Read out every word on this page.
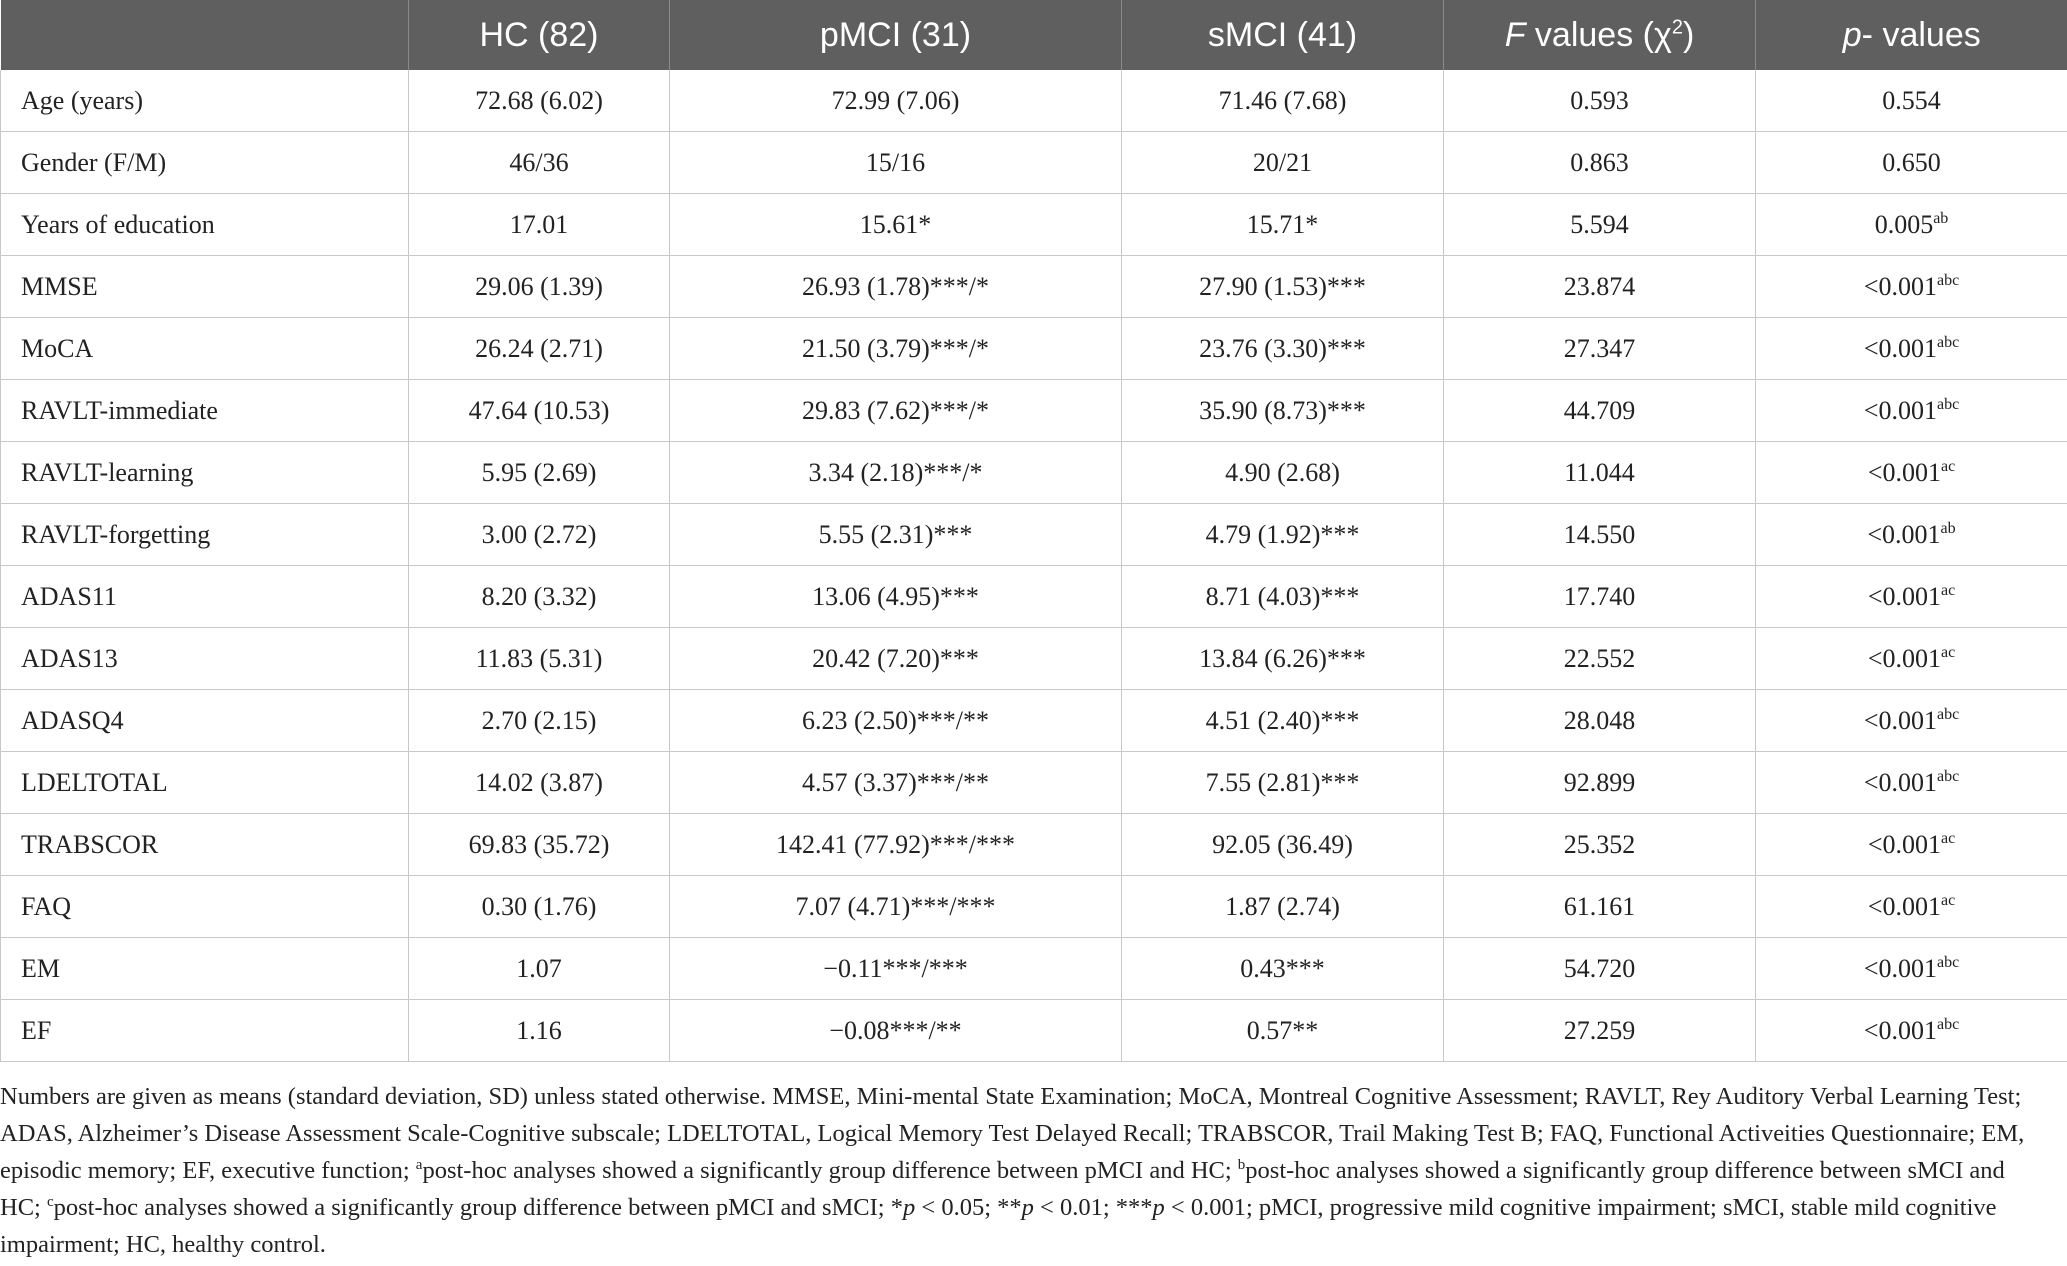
	HC (82)	pMCI (31)	sMCI (41)	F values $(\chi^2)$	p- values
Age (years)	72.68 (6.02)	72.99 (7.06)	71.46 (7.68)	0.593	0.554
Gender (F/M)	46/36	15/16	20/21	0.863	0.650
Years of education	17.01	15.61*	15.71*	5.594	0.005$^{ab}$
MMSE	29.06 (1.39)	26.93 (1.78)***/*	27.90 (1.53)***	23.874	<0.001$^{abc}$
MoCA	26.24 (2.71)	21.50 (3.79)***/*	23.76 (3.30)***	27.347	<0.001$^{abc}$
RAVLT-immediate	47.64 (10.53)	29.83 (7.62)***/*	35.90 (8.73)***	44.709	<0.001$^{abc}$
RAVLT-learning	5.95 (2.69)	3.34 (2.18)***/*	4.90 (2.68)	11.044	<0.001$^{ac}$
RAVLT-forgetting	3.00 (2.72)	5.55 (2.31)***	4.79 (1.92)***	14.550	<0.001$^{ab}$
ADAS11	8.20 (3.32)	13.06 (4.95)***	8.71 (4.03)***	17.740	<0.001$^{ac}$
ADAS13	11.83 (5.31)	20.42 (7.20)***	13.84 (6.26)***	22.552	<0.001$^{ac}$
ADASQ4	2.70 (2.15)	6.23 (2.50)***/**	4.51 (2.40)***	28.048	<0.001$^{abc}$
LDELTOTAL	14.02 (3.87)	4.57 (3.37)***/**	7.55 (2.81)***	92.899	<0.001$^{abc}$
TRABSCOR	69.83 (35.72)	142.41 (77.92)***/***	92.05 (36.49)	25.352	<0.001$^{ac}$
FAQ	0.30 (1.76)	7.07 (4.71)***/***	1.87 (2.74)	61.161	<0.001$^{ac}$
EM	1.07	−0.11***/***	0.43***	54.720	<0.001$^{abc}$
EF	1.16	−0.08***/**	0.57**	27.259	<0.001$^{abc}$
Numbers are given as means (standard deviation, SD) unless stated otherwise. MMSE, Mini-mental State Examination; MoCA, Montreal Cognitive Assessment; RAVLT, Rey Auditory Verbal Learning Test; ADAS, Alzheimer’s Disease Assessment Scale-Cognitive subscale; LDELTOTAL, Logical Memory Test Delayed Recall; TRABSCOR, Trail Making Test B; FAQ, Functional Activeities Questionnaire; EM, episodic memory; EF, executive function; $^a$post-hoc analyses showed a significantly group difference between pMCI and HC; $^b$post-hoc analyses showed a significantly group difference between sMCI and HC; $^c$post-hoc analyses showed a significantly group difference between pMCI and sMCI; *p < 0.05; **p < 0.01; ***p < 0.001; pMCI, progressive mild cognitive impairment; sMCI, stable mild cognitive impairment; HC, healthy control.
